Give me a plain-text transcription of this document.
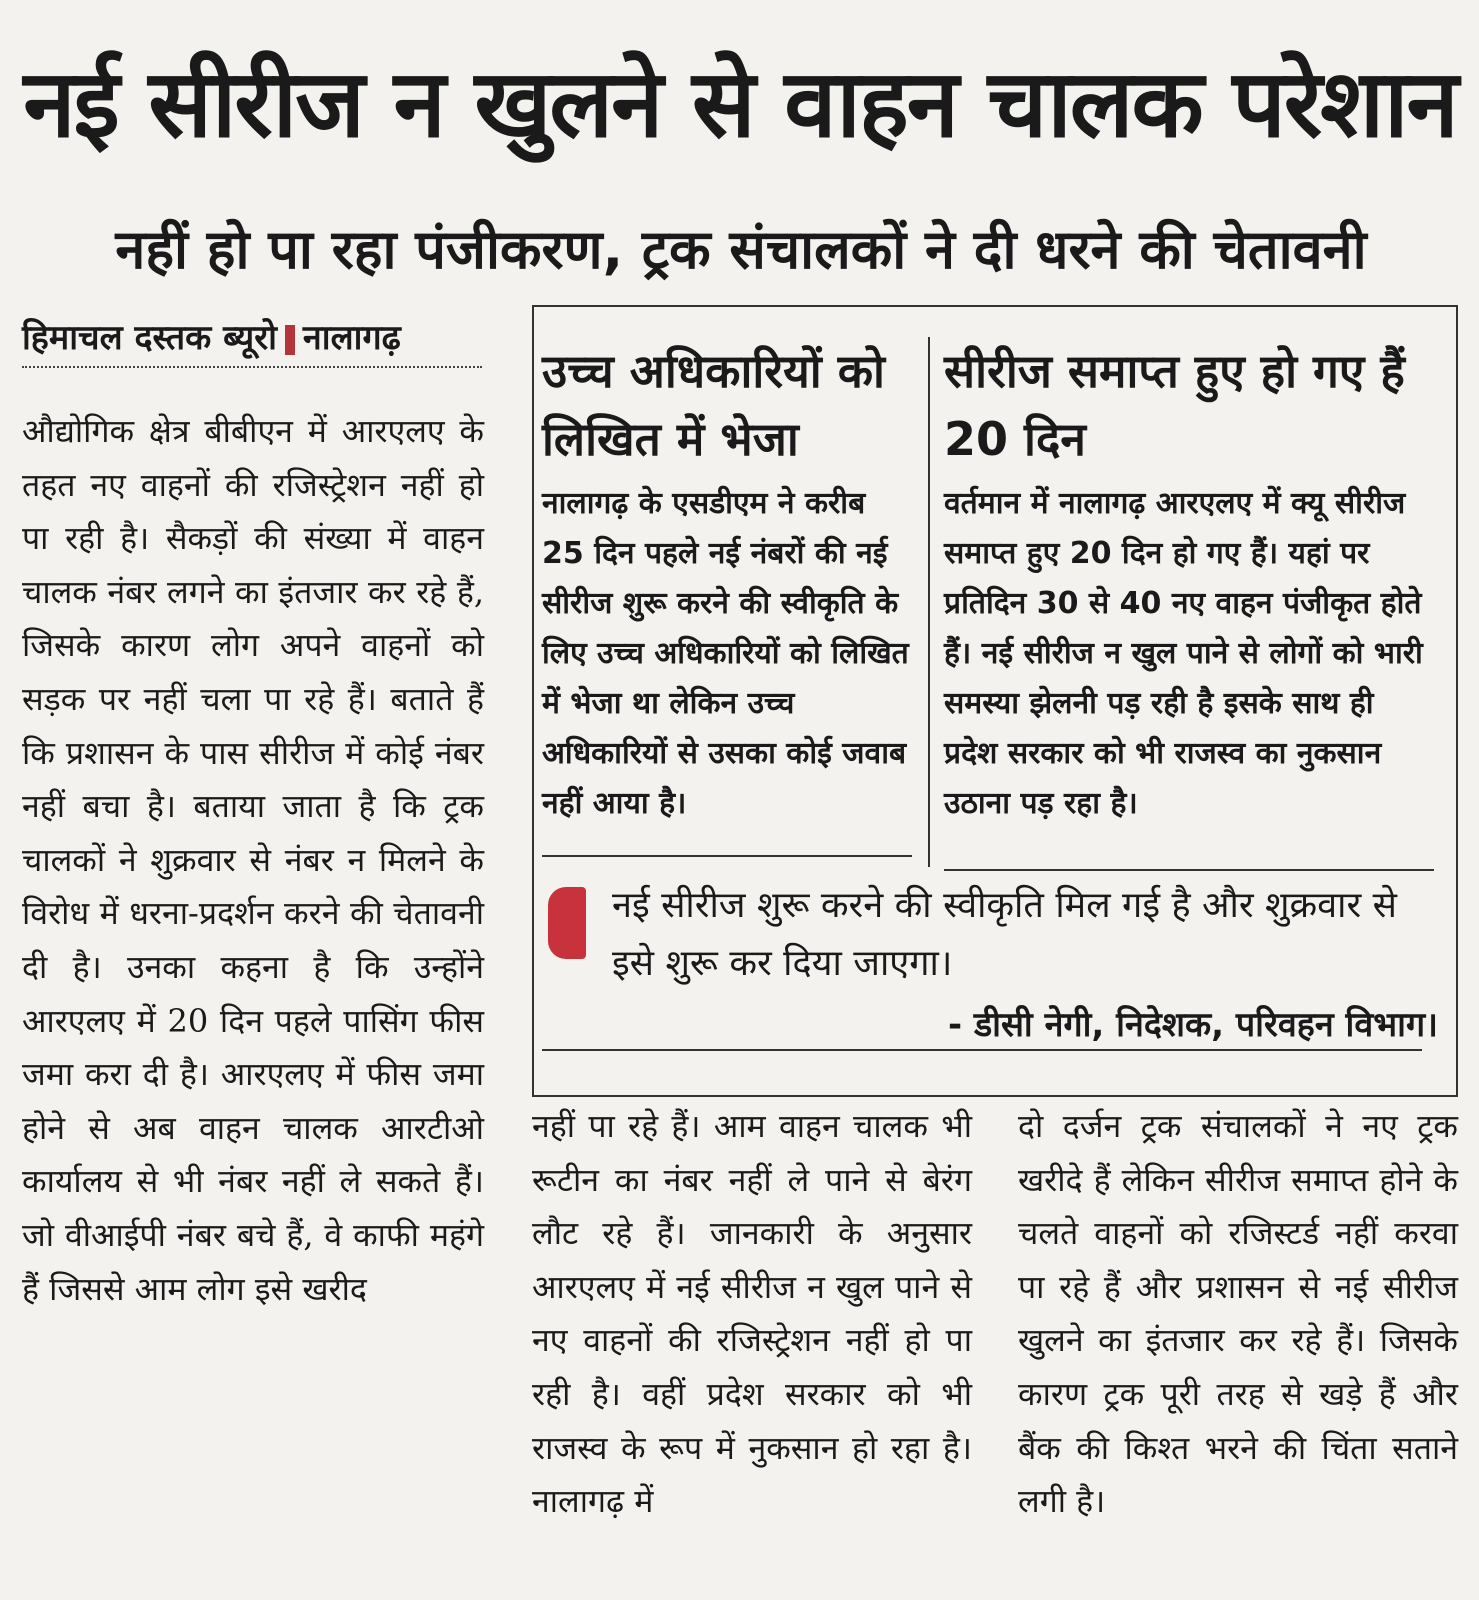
नई सीरीज न खुलने से वाहन चालक परेशान
नहीं हो पा रहा पंजीकरण, ट्रक संचालकों ने दी धरने की चेतावनी
हिमाचल दस्तक ब्यूरो नालागढ़
औद्योगिक क्षेत्र बीबीएन में आरएलए के तहत नए वाहनों की रजिस्ट्रेशन नहीं हो पा रही है। सैकड़ों की संख्या में वाहन चालक नंबर लगने का इंतजार कर रहे हैं, जिसके कारण लोग अपने वाहनों को सड़क पर नहीं चला पा रहे हैं। बताते हैं कि प्रशासन के पास सीरीज में कोई नंबर नहीं बचा है। बताया जाता है कि ट्रक चालकों ने शुक्रवार से नंबर न मिलने के विरोध में धरना-प्रदर्शन करने की चेतावनी दी है। उनका कहना है कि उन्होंने आरएलए में 20 दिन पहले पासिंग फीस जमा करा दी है। आरएलए में फीस जमा होने से अब वाहन चालक आरटीओ कार्यालय से भी नंबर नहीं ले सकते हैं। जो वीआईपी नंबर बचे हैं, वे काफी महंगे हैं जिससे आम लोग इसे खरीद
उच्च अधिकारियों को लिखित में भेजा
नालागढ़ के एसडीएम ने करीब 25 दिन पहले नई नंबरों की नई सीरीज शुरू करने की स्वीकृति के लिए उच्च अधिकारियों को लिखित में भेजा था लेकिन उच्च अधिकारियों से उसका कोई जवाब नहीं आया है।
सीरीज समाप्त हुए हो गए हैं 20 दिन
वर्तमान में नालागढ़ आरएलए में क्यू सीरीज समाप्त हुए 20 दिन हो गए हैं। यहां पर प्रतिदिन 30 से 40 नए वाहन पंजीकृत होते हैं। नई सीरीज न खुल पाने से लोगों को भारी समस्या झेलनी पड़ रही है इसके साथ ही प्रदेश सरकार को भी राजस्व का नुकसान उठाना पड़ रहा है।
नई सीरीज शुरू करने की स्वीकृति मिल गई है और शुक्रवार से इसे शुरू कर दिया जाएगा।
- डीसी नेगी, निदेशक, परिवहन विभाग।
नहीं पा रहे हैं। आम वाहन चालक भी रूटीन का नंबर नहीं ले पाने से बेरंग लौट रहे हैं। जानकारी के अनुसार आरएलए में नई सीरीज न खुल पाने से नए वाहनों की रजिस्ट्रेशन नहीं हो पा रही है। वहीं प्रदेश सरकार को भी राजस्व के रूप में नुकसान हो रहा है। नालागढ़ में
दो दर्जन ट्रक संचालकों ने नए ट्रक खरीदे हैं लेकिन सीरीज समाप्त होने के चलते वाहनों को रजिस्टर्ड नहीं करवा पा रहे हैं और प्रशासन से नई सीरीज खुलने का इंतजार कर रहे हैं। जिसके कारण ट्रक पूरी तरह से खड़े हैं और बैंक की किश्त भरने की चिंता सताने लगी है।
